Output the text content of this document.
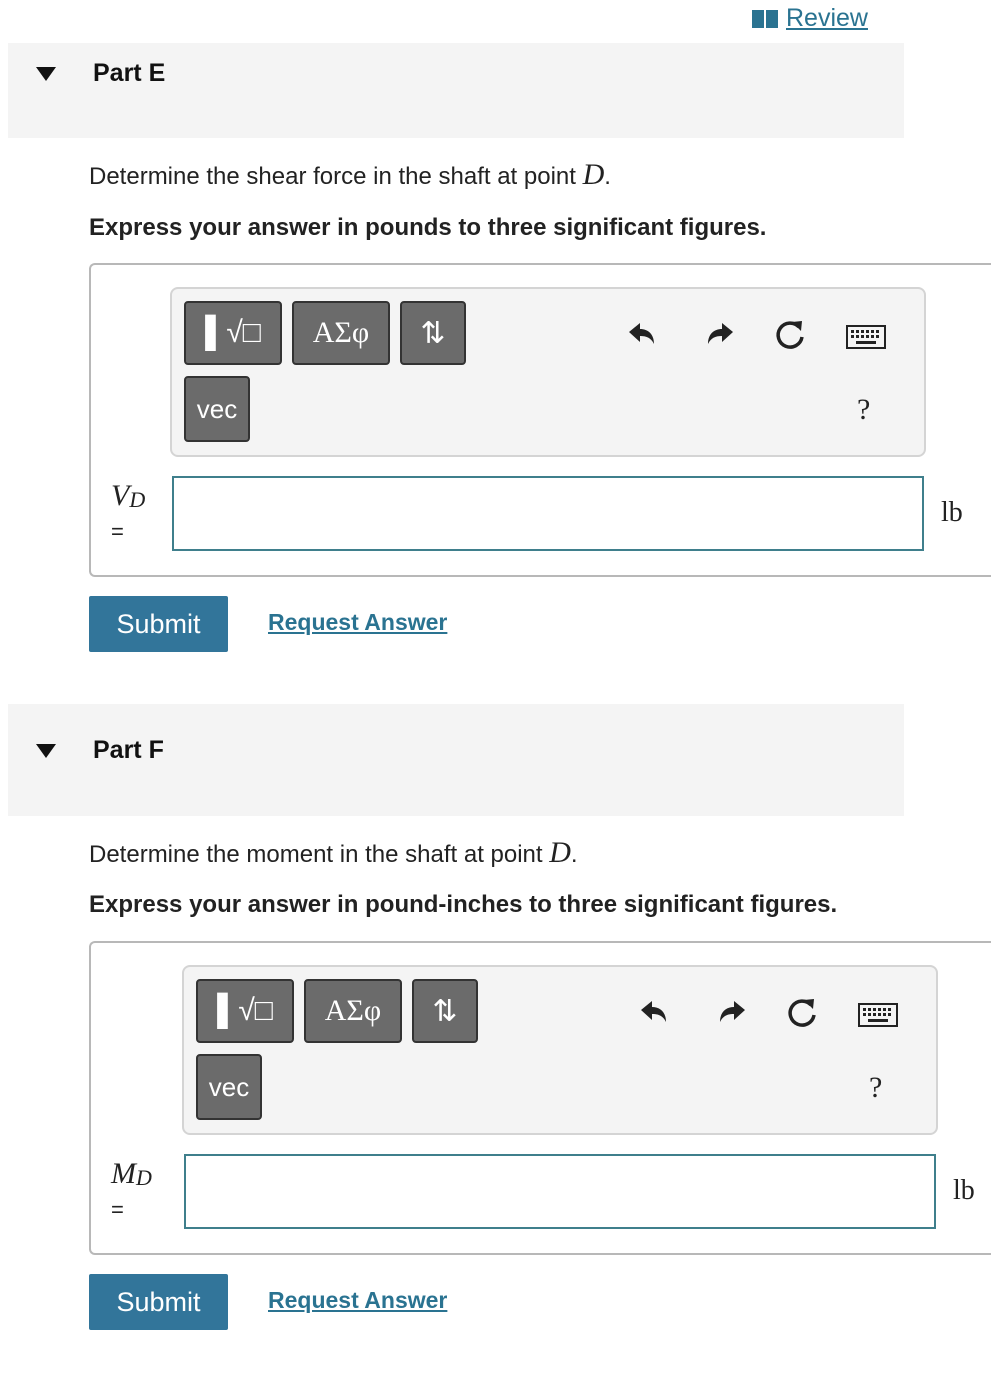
Review
Part E
Determine the shear force in the shaft at point D.
Express your answer in pounds to three significant figures.
▌√□	ΑΣφ	⇅
vec	?
$V_D$
=
lb
Submit	Request Answer
Part F
Determine the moment in the shaft at point D.
Express your answer in pound-inches to three significant figures.
▌√□	ΑΣφ	⇅
vec	?
$M_D$
=
lb
Submit	Request Answer
